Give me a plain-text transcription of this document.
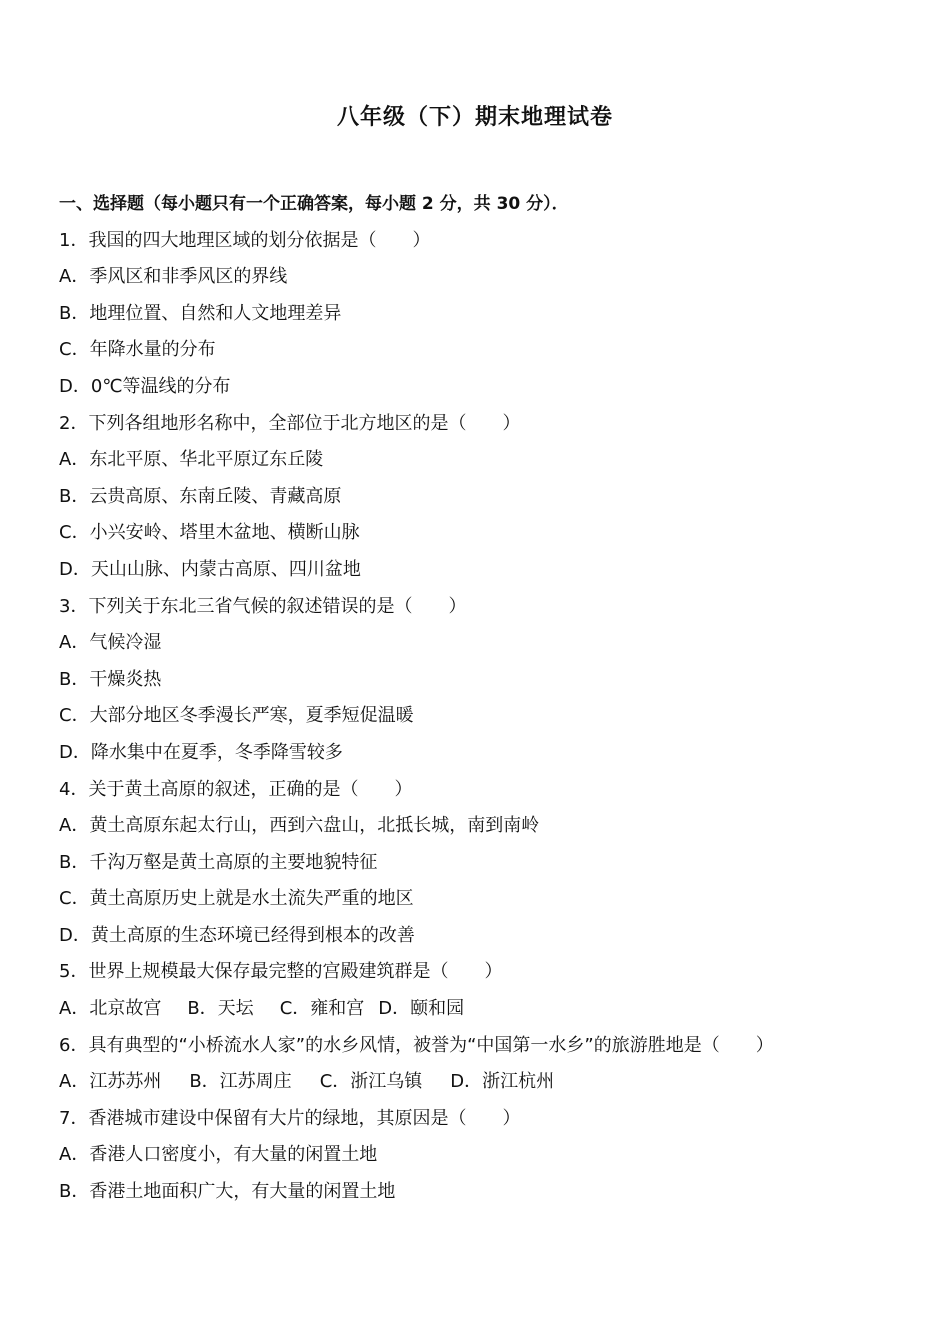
八年级（下）期末地理试卷
一、选择题（每小题只有一个正确答案，每小题 2 分，共 30 分）．
1．我国的四大地理区域的划分依据是（　　）
A．季风区和非季风区的界线
B．地理位置、自然和人文地理差异
C．年降水量的分布
D．0℃等温线的分布
2．下列各组地形名称中，全部位于北方地区的是（　　）
A．东北平原、华北平原辽东丘陵
B．云贵高原、东南丘陵、青藏高原
C．小兴安岭、塔里木盆地、横断山脉
D．天山山脉、内蒙古高原、四川盆地
3．下列关于东北三省气候的叙述错误的是（　　）
A．气候冷湿
B．干燥炎热
C．大部分地区冬季漫长严寒，夏季短促温暖
D．降水集中在夏季，冬季降雪较多
4．关于黄土高原的叙述，正确的是（　　）
A．黄土高原东起太行山，西到六盘山，北抵长城，南到南岭
B．千沟万壑是黄土高原的主要地貌特征
C．黄土高原历史上就是水土流失严重的地区
D．黄土高原的生态环境已经得到根本的改善
5．世界上规模最大保存最完整的宫殿建筑群是（　　）
A．北京故宫 B．天坛 C．雍和宫 D．颐和园
6．具有典型的“小桥流水人家”的水乡风情，被誉为“中国第一水乡”的旅游胜地是（　　）
A．江苏苏州 B．江苏周庄 C．浙江乌镇 D．浙江杭州
7．香港城市建设中保留有大片的绿地，其原因是（　　）
A．香港人口密度小，有大量的闲置土地
B．香港土地面积广大，有大量的闲置土地
